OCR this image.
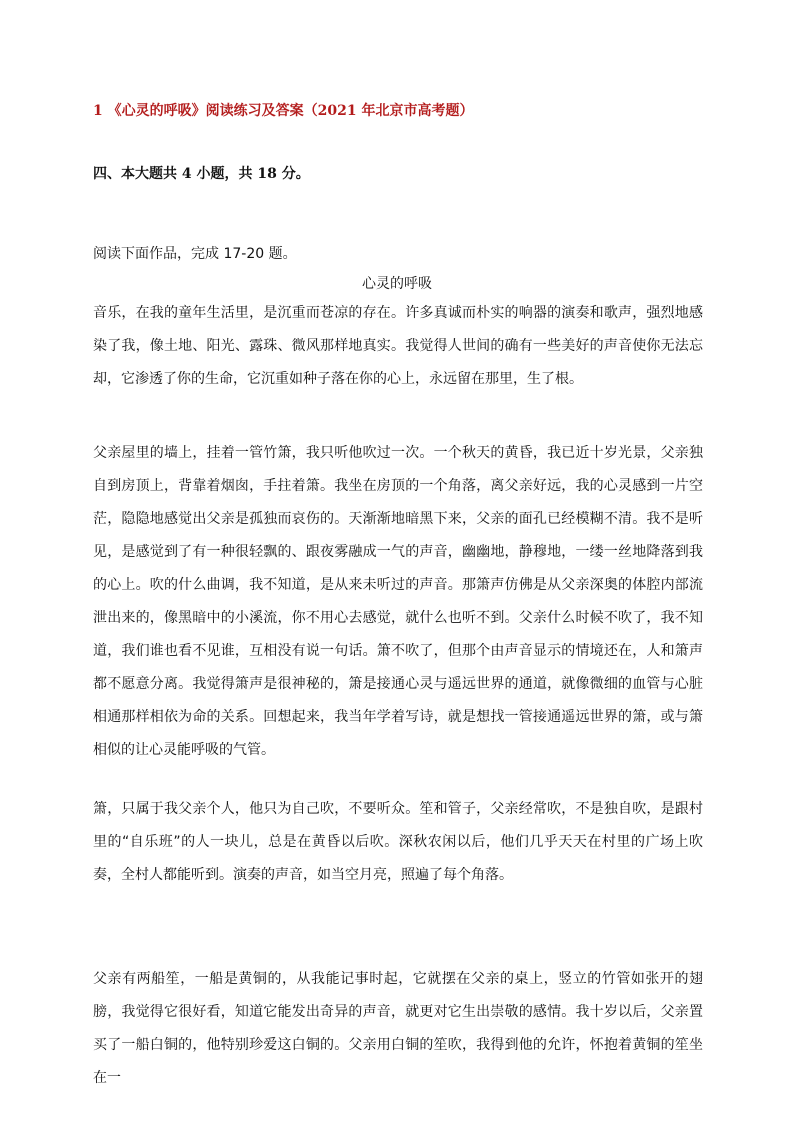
1 《心灵的呼吸》阅读练习及答案（2021 年北京市高考题）
四、本大题共 4 小题，共 18 分。
阅读下面作品，完成 17-20 题。
心灵的呼吸
音乐，在我的童年生活里，是沉重而苍凉的存在。许多真诚而朴实的响器的演奏和歌声，强烈地感染了我，像土地、阳光、露珠、微风那样地真实。我觉得人世间的确有一些美好的声音使你无法忘却，它渗透了你的生命，它沉重如种子落在你的心上，永远留在那里，生了根。
父亲屋里的墙上，挂着一管竹箫，我只听他吹过一次。一个秋天的黄昏，我已近十岁光景，父亲独自到房顶上，背靠着烟囱，手拄着箫。我坐在房顶的一个角落，离父亲好远，我的心灵感到一片空茫，隐隐地感觉出父亲是孤独而哀伤的。天渐渐地暗黑下来，父亲的面孔已经模糊不清。我不是听见，是感觉到了有一种很轻飘的、跟夜雾融成一气的声音，幽幽地，静穆地，一缕一丝地降落到我的心上。吹的什么曲调，我不知道，是从来未听过的声音。那箫声仿佛是从父亲深奥的体腔内部流泄出来的，像黑暗中的小溪流，你不用心去感觉，就什么也听不到。父亲什么时候不吹了，我不知道，我们谁也看不见谁，互相没有说一句话。箫不吹了，但那个由声音显示的情境还在，人和箫声都不愿意分离。我觉得箫声是很神秘的，箫是接通心灵与遥远世界的通道，就像微细的血管与心脏相通那样相依为命的关系。回想起来，我当年学着写诗，就是想找一管接通遥远世界的箫，或与箫相似的让心灵能呼吸的气管。
箫，只属于我父亲个人，他只为自己吹，不要听众。笙和管子，父亲经常吹，不是独自吹，是跟村里的“自乐班”的人一块儿，总是在黄昏以后吹。深秋农闲以后，他们几乎天天在村里的广场上吹奏，全村人都能听到。演奏的声音，如当空月亮，照遍了每个角落。
父亲有两船笙，一船是黄铜的，从我能记事时起，它就摆在父亲的桌上，竖立的竹管如张开的翅膀，我觉得它很好看，知道它能发出奇异的声音，就更对它生出崇敬的感情。我十岁以后，父亲置买了一船白铜的，他特别珍爱这白铜的。父亲用白铜的笙吹，我得到他的允许，怀抱着黄铜的笙坐在一
